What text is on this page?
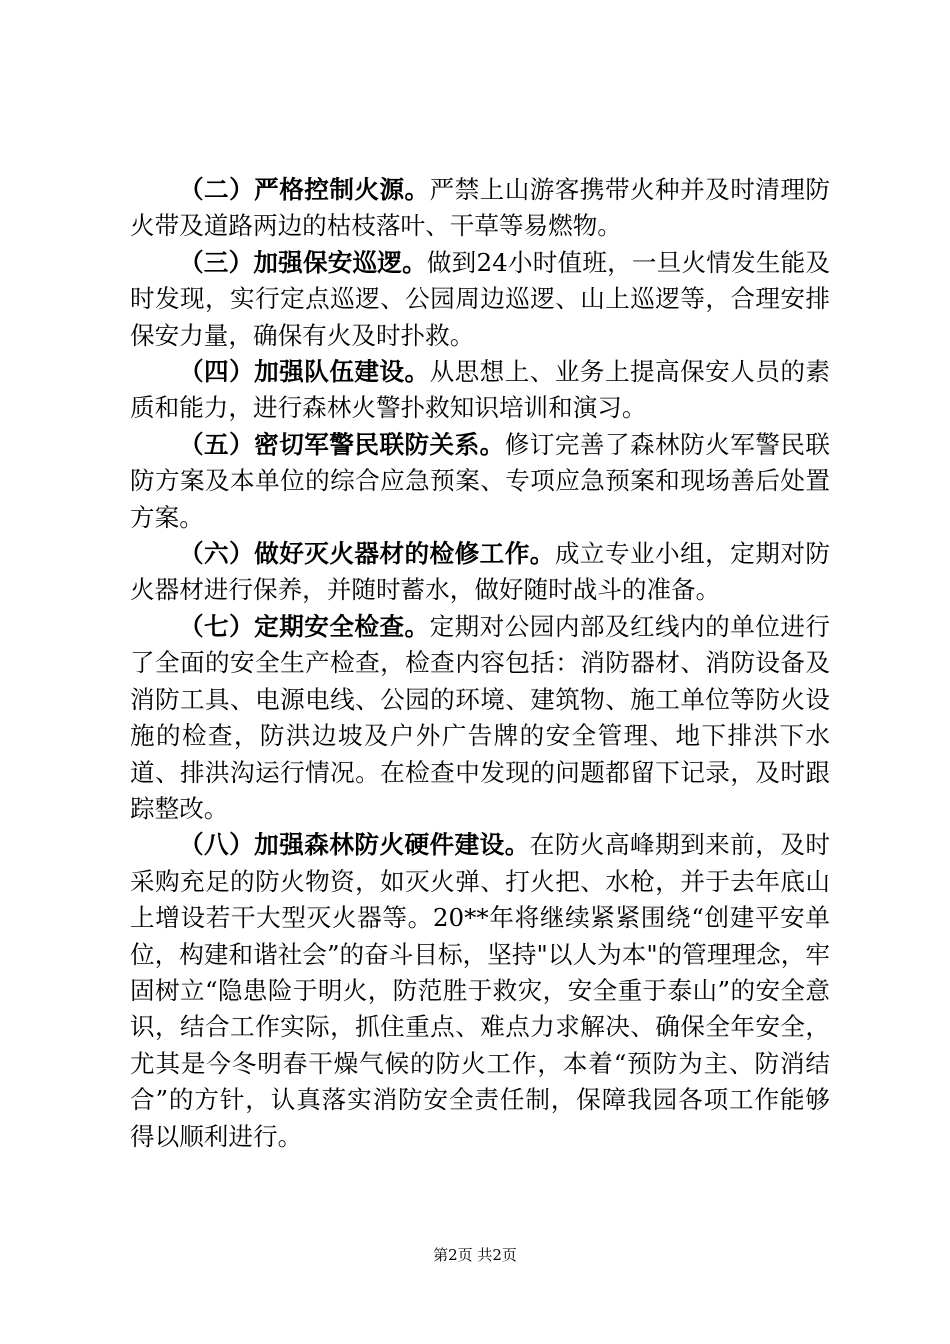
（二）严格控制火源。严禁上山游客携带火种并及时清理防火带及道路两边的枯枝落叶、干草等易燃物。

（三）加强保安巡逻。做到24小时值班，一旦火情发生能及时发现，实行定点巡逻、公园周边巡逻、山上巡逻等，合理安排保安力量，确保有火及时扑救。

（四）加强队伍建设。从思想上、业务上提高保安人员的素质和能力，进行森林火警扑救知识培训和演习。

（五）密切军警民联防关系。修订完善了森林防火军警民联防方案及本单位的综合应急预案、专项应急预案和现场善后处置方案。

（六）做好灭火器材的检修工作。成立专业小组，定期对防火器材进行保养，并随时蓄水，做好随时战斗的准备。

（七）定期安全检查。定期对公园内部及红线内的单位进行了全面的安全生产检查，检查内容包括：消防器材、消防设备及消防工具、电源电线、公园的环境、建筑物、施工单位等防火设施的检查，防洪边坡及户外广告牌的安全管理、地下排洪下水道、排洪沟运行情况。在检查中发现的问题都留下记录，及时跟踪整改。

（八）加强森林防火硬件建设。在防火高峰期到来前，及时采购充足的防火物资，如灭火弹、打火把、水枪，并于去年底山上增设若干大型灭火器等。20**年将继续紧紧围绕“创建平安单位，构建和谐社会”的奋斗目标，坚持"以人为本"的管理理念，牢固树立“隐患险于明火，防范胜于救灾，安全重于泰山”的安全意识，结合工作实际，抓住重点、难点力求解决、确保全年安全，尤其是今冬明春干燥气候的防火工作，本着“预防为主、防消结合”的方针，认真落实消防安全责任制，保障我园各项工作能够得以顺利进行。

第2页 共2页
